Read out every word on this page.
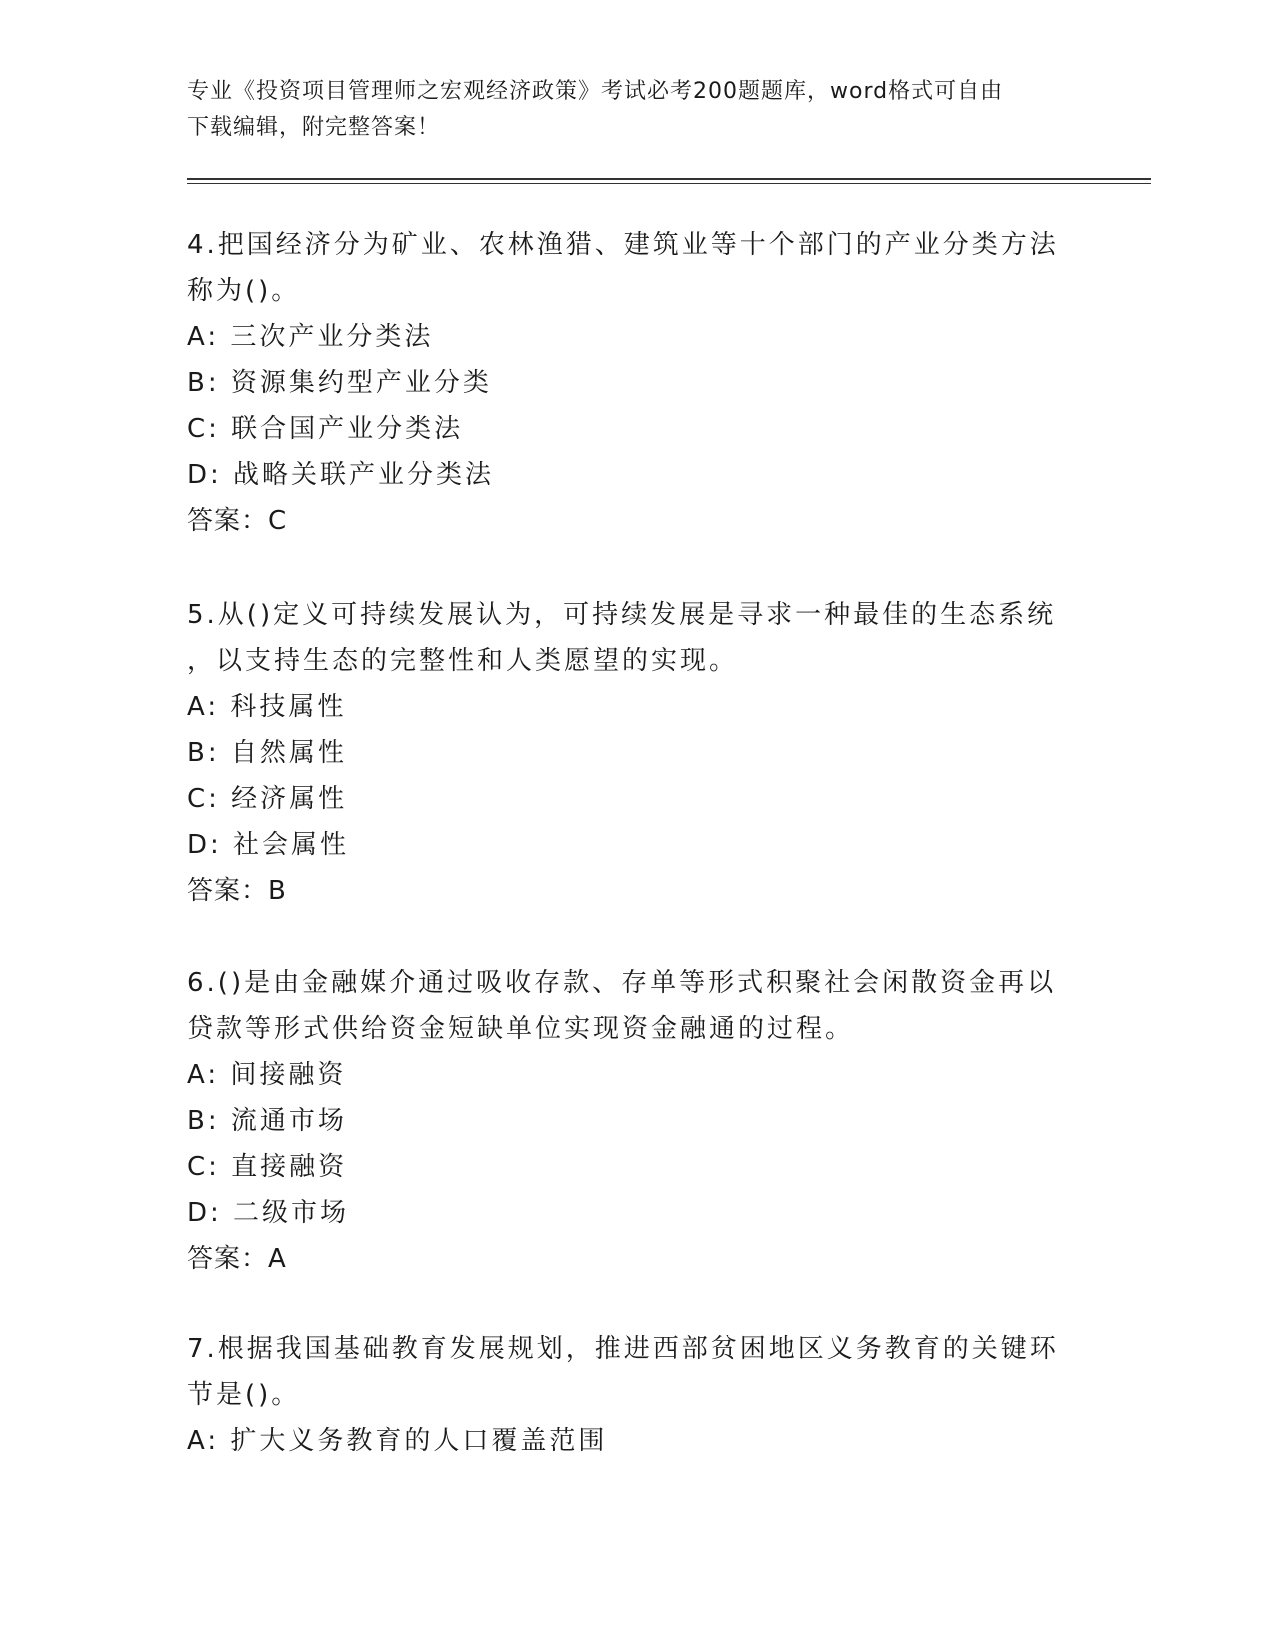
专业《投资项目管理师之宏观经济政策》考试必考200题题库，word格式可自由
下载编辑，附完整答案！
4.把国经济分为矿业、农林渔猎、建筑业等十个部门的产业分类方法
称为()。
A: 三次产业分类法
B: 资源集约型产业分类
C: 联合国产业分类法
D: 战略关联产业分类法
答案：C
5.从()定义可持续发展认为，可持续发展是寻求一种最佳的生态系统
，以支持生态的完整性和人类愿望的实现。
A: 科技属性
B: 自然属性
C: 经济属性
D: 社会属性
答案：B
6.()是由金融媒介通过吸收存款、存单等形式积聚社会闲散资金再以
贷款等形式供给资金短缺单位实现资金融通的过程。
A: 间接融资
B: 流通市场
C: 直接融资
D: 二级市场
答案：A
7.根据我国基础教育发展规划，推进西部贫困地区义务教育的关键环
节是()。
A: 扩大义务教育的人口覆盖范围
